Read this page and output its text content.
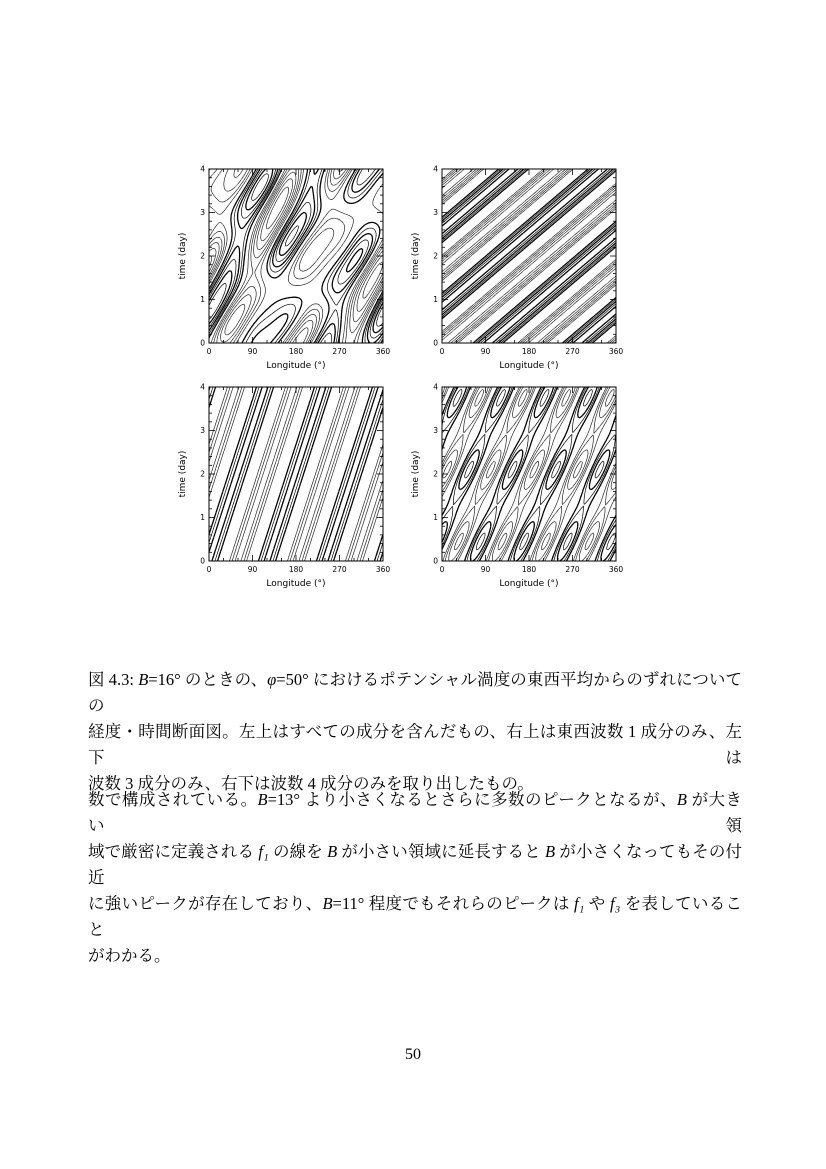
0	90	180	270	360
0
1
2
3
4
Longitude (°)
time (day)
0	90	180	270	360
0
1
2
3
4
Longitude (°)
time (day)
0	90	180	270	360
0
1
2
3
4
Longitude (°)
time (day)
0	90	180	270	360
0
1
2
3
4
Longitude (°)
time (day)
図 4.3: B=16° のときの、φ=50° におけるポテンシャル渦度の東西平均からのずれについての
経度・時間断面図。左上はすべての成分を含んだもの、右上は東西波数 1 成分のみ、左下は
波数 3 成分のみ、右下は波数 4 成分のみを取り出したもの。
数で構成されている。B=13° より小さくなるとさらに多数のピークとなるが、B が大きい領
域で厳密に定義される f₁ の線を B が小さい領域に延長すると B が小さくなってもその付近
に強いピークが存在しており、B=11° 程度でもそれらのピークは f₁ や f₃ を表していること
がわかる。
50
